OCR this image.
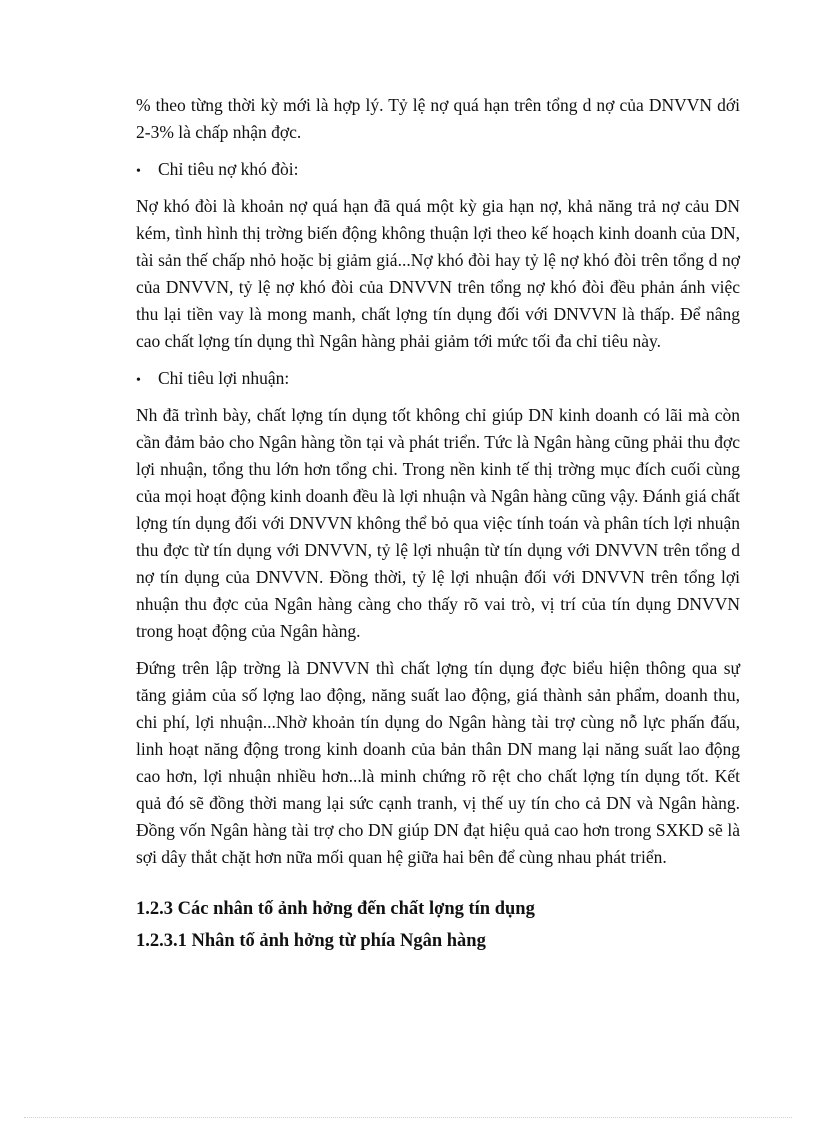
% theo từng thời kỳ mới là hợp lý. Tỷ lệ nợ quá hạn trên tổng d nợ của DNVVN dới 2-3% là chấp nhận đợc.

• Chỉ tiêu nợ khó đòi:

Nợ khó đòi là khoản nợ quá hạn đã quá một kỳ gia hạn nợ, khả năng trả nợ cảu DN kém, tình hình thị trờng biến động không thuận lợi theo kế hoạch kinh doanh của DN, tài sản thế chấp nhỏ hoặc bị giảm giá...Nợ khó đòi hay tỷ lệ nợ khó đòi trên tổng d nợ của DNVVN, tỷ lệ nợ khó đòi của DNVVN trên tổng nợ khó đòi đều phản ánh việc thu lại tiền vay là mong manh, chất lợng tín dụng đối với DNVVN là thấp. Để nâng cao chất lợng tín dụng thì Ngân hàng phải giảm tới mức tối đa chỉ tiêu này.

• Chỉ tiêu lợi nhuận:

Nh đã trình bày, chất lợng tín dụng tốt không chỉ giúp DN kinh doanh có lãi mà còn cần đảm bảo cho Ngân hàng tồn tại và phát triển. Tức là Ngân hàng cũng phải thu đợc lợi nhuận, tổng thu lớn hơn tổng chi. Trong nền kinh tế thị trờng mục đích cuối cùng của mọi hoạt động kinh doanh đều là lợi nhuận và Ngân hàng cũng vậy. Đánh giá chất lợng tín dụng đối với DNVVN không thể bỏ qua việc tính toán và phân tích lợi nhuận thu đợc từ tín dụng với DNVVN, tỷ lệ lợi nhuận từ tín dụng với DNVVN trên tổng d nợ tín dụng của DNVVN. Đồng thời, tỷ lệ lợi nhuận đối với DNVVN trên tổng lợi nhuận thu đợc của Ngân hàng càng cho thấy rõ vai trò, vị trí của tín dụng DNVVN trong hoạt động của Ngân hàng.

Đứng trên lập trờng là DNVVN thì chất lợng tín dụng đợc biểu hiện thông qua sự tăng giảm của số lợng lao động, năng suất lao động, giá thành sản phẩm, doanh thu, chi phí, lợi nhuận...Nhờ khoản tín dụng do Ngân hàng tài trợ cùng nỗ lực phấn đấu, linh hoạt năng động trong kinh doanh của bản thân DN mang lại năng suất lao động cao hơn, lợi nhuận nhiều hơn...là minh chứng rõ rệt cho chất lợng tín dụng tốt. Kết quả đó sẽ đồng thời mang lại sức cạnh tranh, vị thế uy tín cho cả DN và Ngân hàng. Đồng vốn Ngân hàng tài trợ cho DN giúp DN đạt hiệu quả cao hơn trong SXKD sẽ là sợi dây thắt chặt hơn nữa mối quan hệ giữa hai bên để cùng nhau phát triển.

1.2.3 Các nhân tố ảnh hởng đến chất lợng tín dụng
1.2.3.1 Nhân tố ảnh hởng từ phía Ngân hàng
